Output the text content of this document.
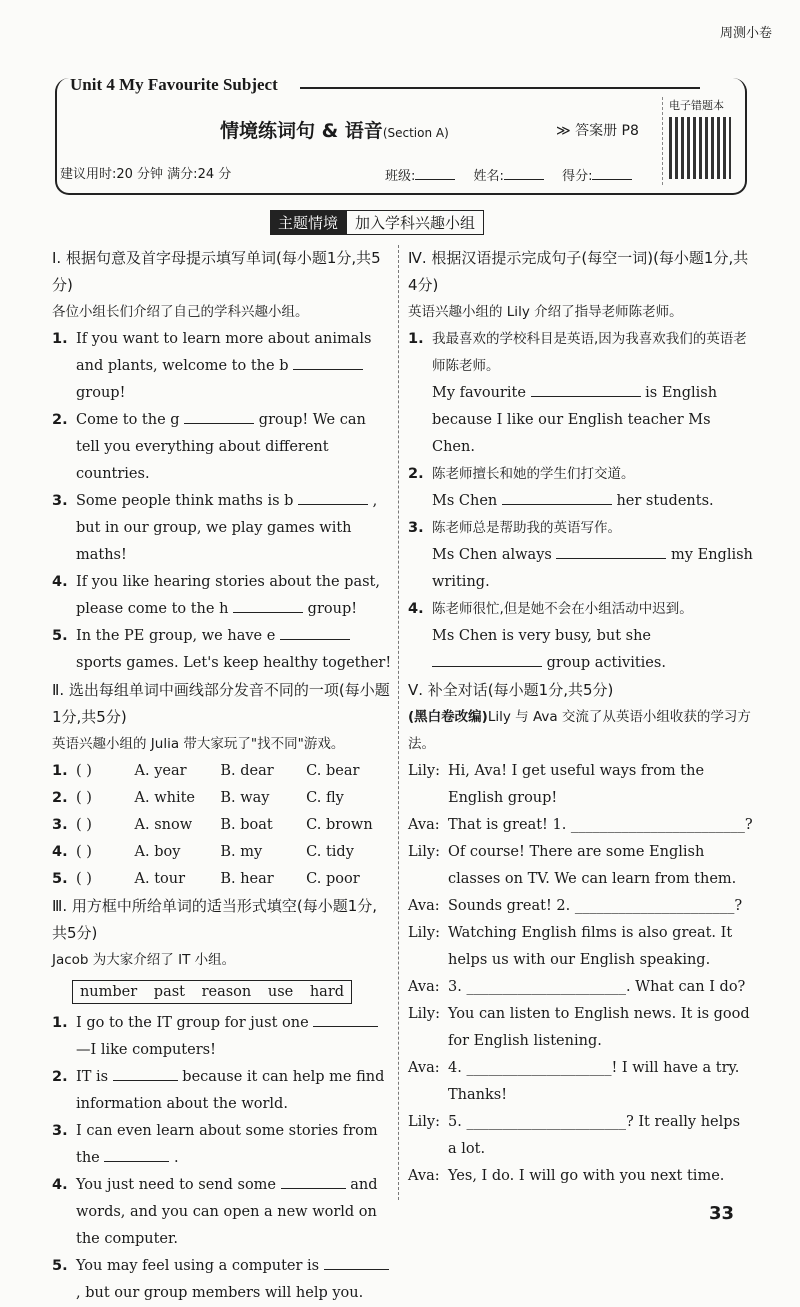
周测小卷
Unit 4 My Favourite Subject
情境练词句 & 语音(Section A)	≫ 答案册 P8
电子错题本
建议用时:20 分钟 满分:24 分	班级:	姓名:	得分:
主题情境	加入学科兴趣小组
Ⅰ. 根据句意及首字母提示填写单词(每小题1分,共5分)
各位小组长们介绍了自己的学科兴趣小组。
1. If you want to learn more about animals and plants, welcome to the b  group!
2. Come to the g	group! We can tell you everything about different countries.
3. Some people think maths is b	, but in our group, we play games with maths!
4. If you like hearing stories about the past, please come to the h	group!
5. In the PE group, we have e  sports games. Let's keep healthy together!
Ⅱ. 选出每组单词中画线部分发音不同的一项(每小题1分,共5分)
英语兴趣小组的 Julia 带大家玩了"找不同"游戏。
1. ( )	A. year	B. dear	C. bear
2. ( )	A. white	B. way	C. fly
3. ( )	A. snow	B. boat	C. brown
4. ( )	A. boy	B. my	C. tidy
5. ( )	A. tour	B. hear	C. poor
Ⅲ. 用方框中所给单词的适当形式填空(每小题1分,共5分)
Jacob 为大家介绍了 IT 小组。
number past reason use hard
1. I go to the IT group for just one  —I like computers!
2. IT is	because it can help me find information about the world.
3. I can even learn about some stories from the	.
4. You just need to send some	and words, and you can open a new world on the computer.
5. You may feel using a computer is  , but our group members will help you.
Ⅳ. 根据汉语提示完成句子(每空一词)(每小题1分,共4分)
英语兴趣小组的 Lily 介绍了指导老师陈老师。
1. 我最喜欢的学校科目是英语,因为我喜欢我们的英语老师陈老师。
My favourite	is English because I like our English teacher Ms Chen.
2. 陈老师擅长和她的学生们打交道。
Ms Chen	her students.
3. 陈老师总是帮助我的英语写作。
Ms Chen always	my English writing.
4. 陈老师很忙,但是她不会在小组活动中迟到。
Ms Chen is very busy, but she  group activities.
Ⅴ. 补全对话(每小题1分,共5分)
(黑白卷改编)Lily 与 Ava 交流了从英语小组收获的学习方法。
Lily: Hi, Ava! I get useful ways from the English group!
Ava: That is great! 1. ________________________?
Lily: Of course! There are some English classes on TV. We can learn from them.
Ava: Sounds great! 2. ______________________?
Lily: Watching English films is also great. It helps us with our English speaking.
Ava: 3. ______________________. What can I do?
Lily: You can listen to English news. It is good for English listening.
Ava: 4. ____________________! I will have a try. Thanks!
Lily: 5. ______________________? It really helps a lot.
Ava: Yes, I do. I will go with you next time.
33
